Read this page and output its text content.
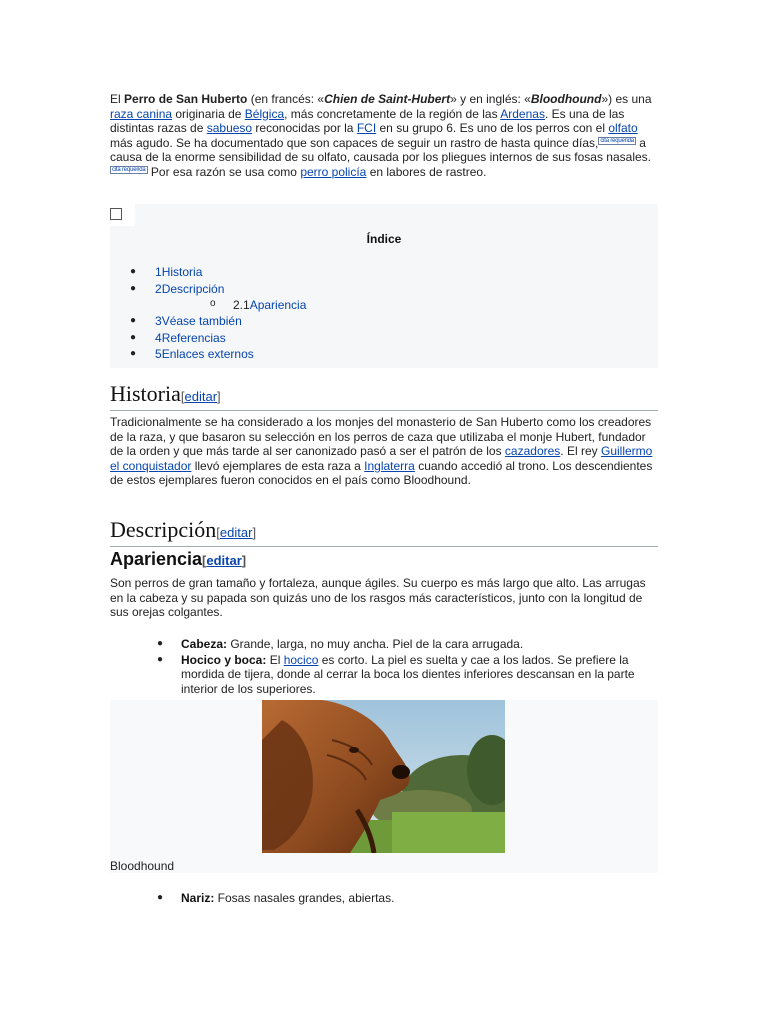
El Perro de San Huberto (en francés: «Chien de Saint-Hubert» y en inglés: «Bloodhound») es una raza canina originaria de Bélgica, más concretamente de la región de las Ardenas. Es una de las distintas razas de sabueso reconocidas por la FCI en su grupo 6. Es uno de los perros con el olfato más agudo. Se ha documentado que son capaces de seguir un rastro de hasta quince días, $^{cita requerida}$ a causa de la enorme sensibilidad de su olfato, causada por los pliegues internos de sus fosas nasales.
$^{cita requerida}$ Por esa razón se usa como perro policía en labores de rastreo.

Índice
● 1Historia
● 2Descripción
o 2.1Apariencia
● 3Véase también
● 4Referencias
● 5Enlaces externos
Historia[editar]

Tradicionalmente se ha considerado a los monjes del monasterio de San Huberto como los creadores de la raza, y que basaron su selección en los perros de caza que utilizaba el monje Hubert, fundador de la orden y que más tarde al ser canonizado pasó a ser el patrón de los cazadores. El rey Guillermo el conquistador llevó ejemplares de esta raza a Inglaterra cuando accedió al trono. Los descendientes de estos ejemplares fueron conocidos en el país como Bloodhound.

Descripción[editar]
Apariencia[editar]

Son perros de gran tamaño y fortaleza, aunque ágiles. Su cuerpo es más largo que alto. Las arrugas en la cabeza y su papada son quizás uno de los rasgos más característicos, junto con la longitud de sus orejas colgantes.

● Cabeza: Grande, larga, no muy ancha. Piel de la cara arrugada.
● Hocico y boca: El hocico es corto. La piel es suelta y cae a los lados. Se prefiere la mordida de tijera, donde al cerrar la boca los dientes inferiores descansan en la parte interior de los superiores.
Bloodhound
● Nariz: Fosas nasales grandes, abiertas.
